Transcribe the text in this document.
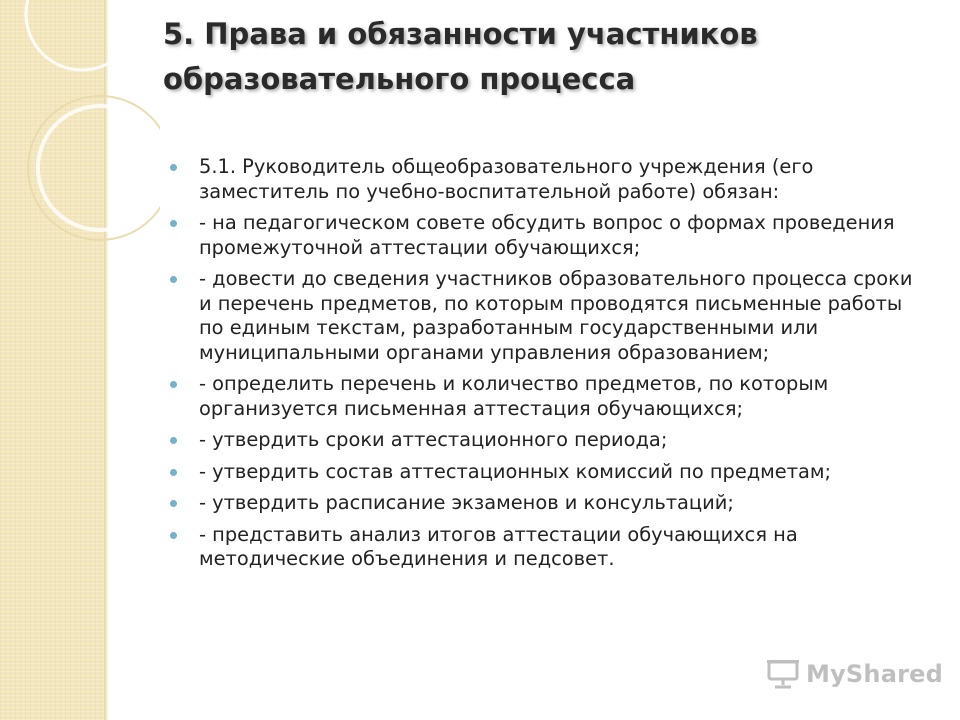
5. Права и обязанности участников
образовательного процесса
5.1. Руководитель общеобразовательного учреждения (его заместитель по учебно-воспитательной работе) обязан:
- на педагогическом совете обсудить вопрос о формах проведения промежуточной аттестации обучающихся;
- довести до сведения участников образовательного процесса сроки и перечень предметов, по которым проводятся письменные работы по единым текстам, разработанным государственными или муниципальными органами управления образованием;
- определить перечень и количество предметов, по которым организуется письменная аттестация обучающихся;
- утвердить сроки аттестационного периода;
- утвердить состав аттестационных комиссий по предметам;
- утвердить расписание экзаменов и консультаций;
- представить анализ итогов аттестации обучающихся на методические объединения и педсовет.
MyShared
